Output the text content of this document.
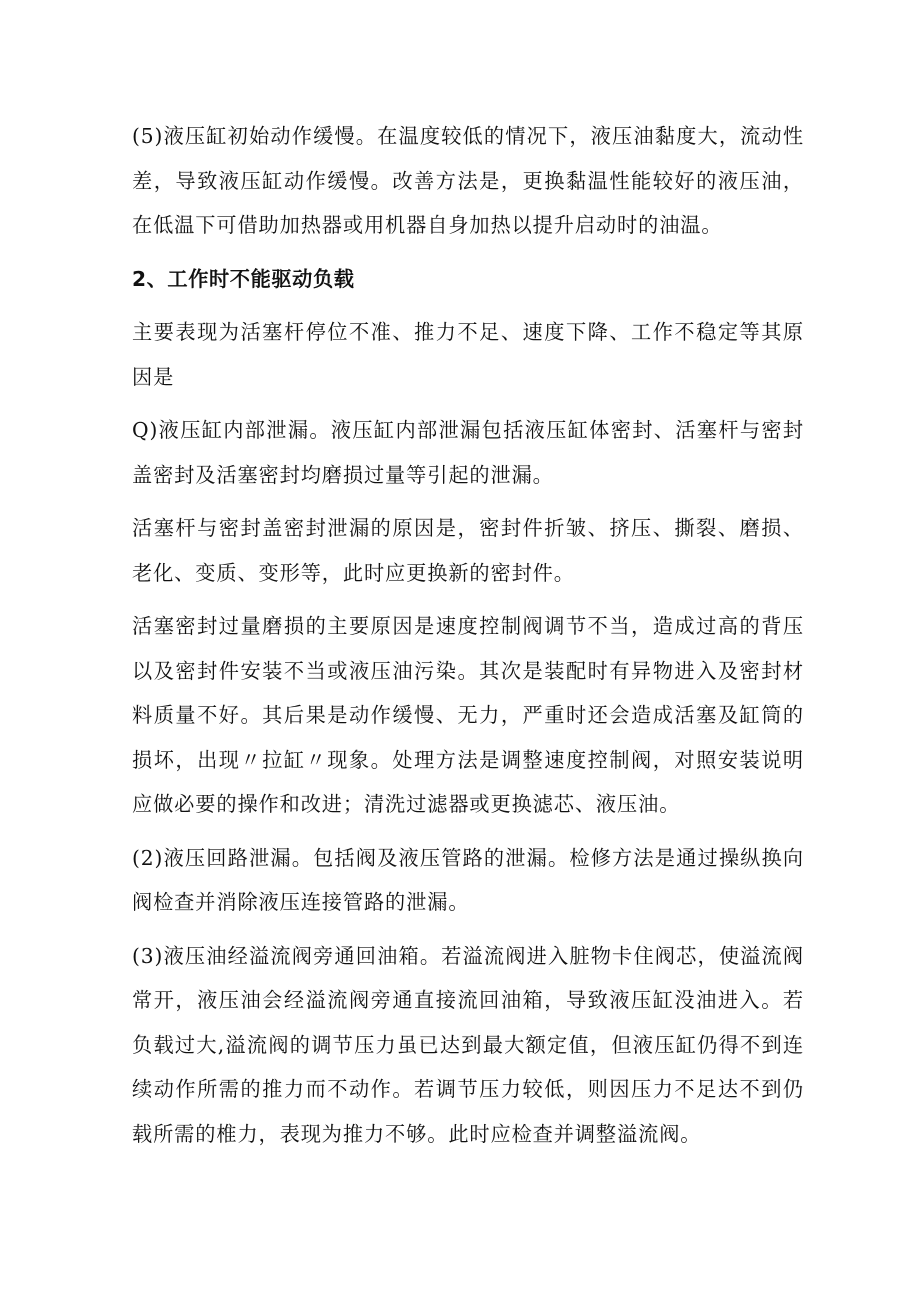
(5)液压缸初始动作缓慢。在温度较低的情况下，液压油黏度大，流动性差，导致液压缸动作缓慢。改善方法是，更换黏温性能较好的液压油，在低温下可借助加热器或用机器自身加热以提升启动时的油温。

2、工作时不能驱动负载

主要表现为活塞杆停位不准、推力不足、速度下降、工作不稳定等其原因是

Q)液压缸内部泄漏。液压缸内部泄漏包括液压缸体密封、活塞杆与密封盖密封及活塞密封均磨损过量等引起的泄漏。

活塞杆与密封盖密封泄漏的原因是，密封件折皱、挤压、撕裂、磨损、老化、变质、变形等，此时应更换新的密封件。

活塞密封过量磨损的主要原因是速度控制阀调节不当，造成过高的背压以及密封件安装不当或液压油污染。其次是装配时有异物进入及密封材料质量不好。其后果是动作缓慢、无力，严重时还会造成活塞及缸筒的损坏，出现〃拉缸〃现象。处理方法是调整速度控制阀，对照安装说明应做必要的操作和改进；清洗过滤器或更换滤芯、液压油。

(2)液压回路泄漏。包括阀及液压管路的泄漏。检修方法是通过操纵换向阀检查并消除液压连接管路的泄漏。

(3)液压油经溢流阀旁通回油箱。若溢流阀进入脏物卡住阀芯，使溢流阀常开，液压油会经溢流阀旁通直接流回油箱，导致液压缸没油进入。若负载过大,溢流阀的调节压力虽已达到最大额定值，但液压缸仍得不到连续动作所需的推力而不动作。若调节压力较低，则因压力不足达不到仍载所需的椎力，表现为推力不够。此时应检查并调整溢流阀。
